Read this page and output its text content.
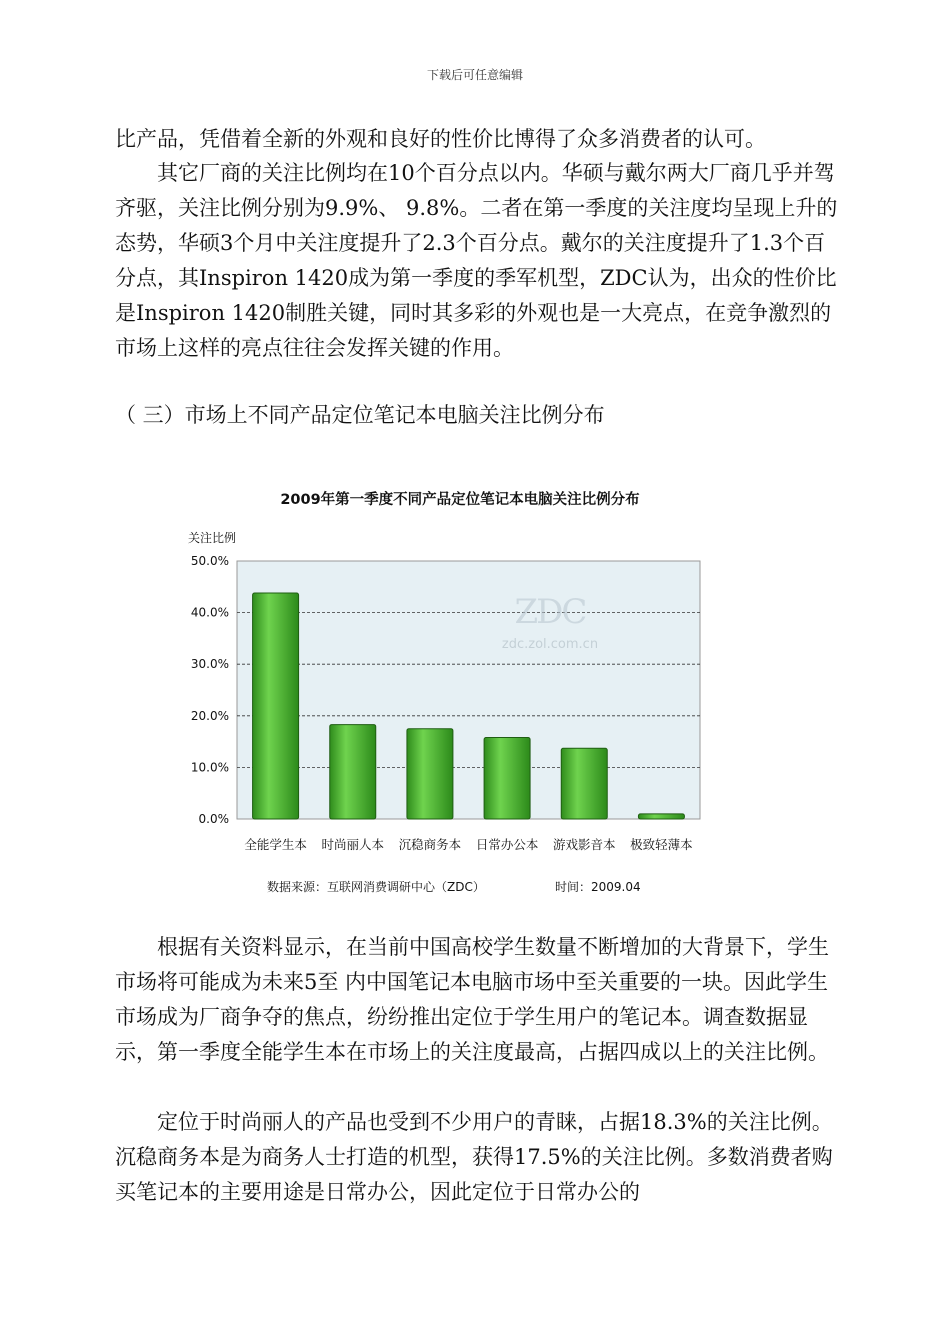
下载后可任意编辑

比产品，凭借着全新的外观和良好的性价比博得了众多消费者的认可。

其它厂商的关注比例均在10个百分点以内。华硕与戴尔两大厂商几乎并驾齐驱，关注比例分别为9.9%、 9.8%。二者在第一季度的关注度均呈现上升的态势，华硕3个月中关注度提升了2.3个百分点。戴尔的关注度提升了1.3个百分点，其Inspiron 1420成为第一季度的季军机型，ZDC认为，出众的性价比是Inspiron 1420制胜关键，同时其多彩的外观也是一大亮点，在竞争激烈的市场上这样的亮点往往会发挥关键的作用。

（ 三）市场上不同产品定位笔记本电脑关注比例分布

2009年第一季度不同产品定位笔记本电脑关注比例分布
关注比例
0.0%
10.0%
20.0%
30.0%
40.0%
50.0%
ZDC
zdc.zol.com.cn
全能学生本 时尚丽人本 沉稳商务本 日常办公本 游戏影音本 极致轻薄本
数据来源：互联网消费调研中心（ZDC）	时间：2009.04

根据有关资料显示，在当前中国高校学生数量不断增加的大背景下，学生市场将可能成为未来5至 内中国笔记本电脑市场中至关重要的一块。因此学生市场成为厂商争夺的焦点，纷纷推出定位于学生用户的笔记本。调查数据显示，第一季度全能学生本在市场上的关注度最高，占据四成以上的关注比例。

定位于时尚丽人的产品也受到不少用户的青睐，占据18.3%的关注比例。沉稳商务本是为商务人士打造的机型，获得17.5%的关注比例。多数消费者购买笔记本的主要用途是日常办公，因此定位于日常办公的
